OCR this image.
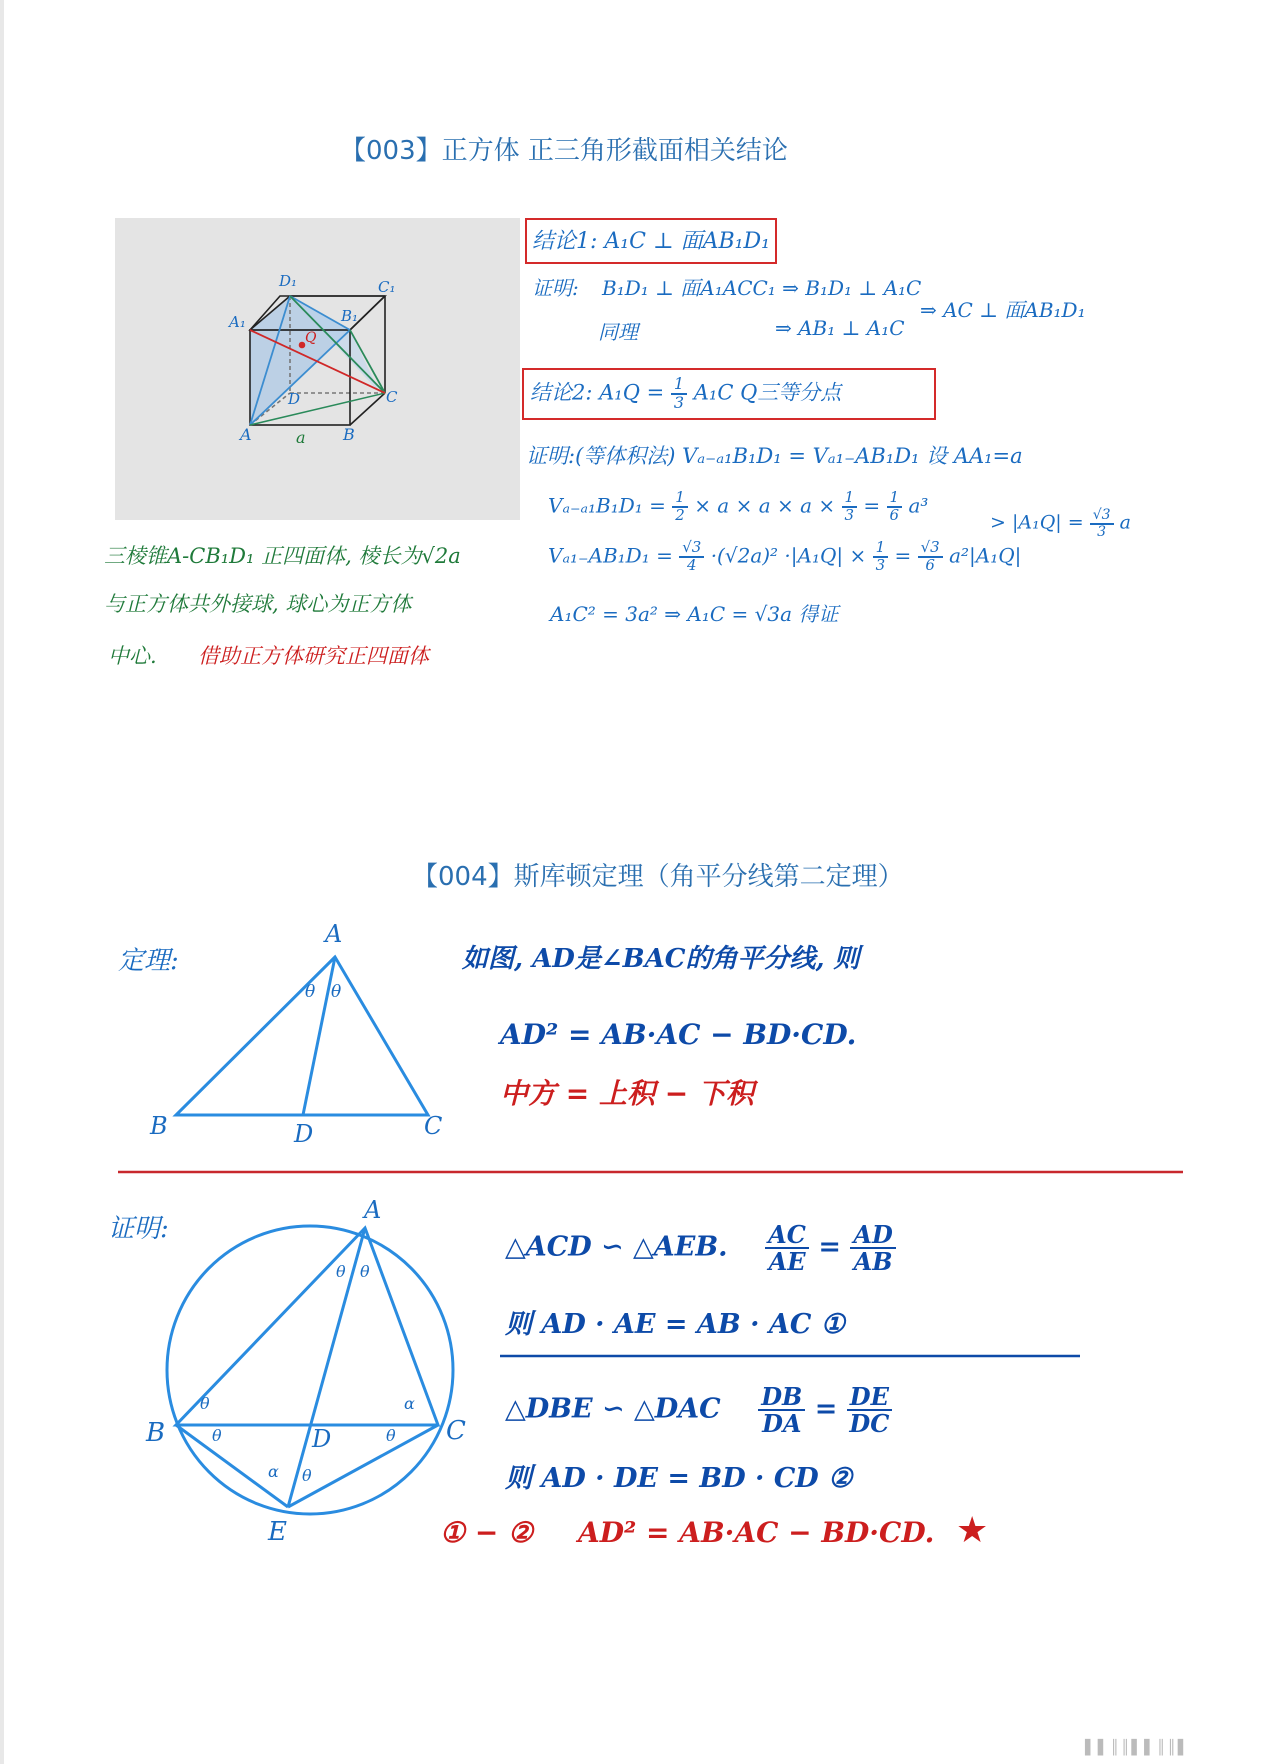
【003】正方体 正三角形截面相关结论
D₁	C₁
A₁	B₁
Q
D	C
A	a B
结论1: A₁C ⊥ 面AB₁D₁
证明: B₁D₁ ⊥ 面A₁ACC₁ ⇒ B₁D₁ ⊥ A₁C
同理	⇒ AB₁ ⊥ A₁C
⇒ AC ⊥ 面AB₁D₁
结论2: $A_1Q = \frac{1}{3} A_1C$ Q三等分点
证明:(等体积法) Vₐ₋ₐ₁B₁D₁ = Vₐ₁₋AB₁D₁ 设 AA₁=a
$V_{a-a1}B_1D_1 = \frac{1}{2} \times a \times a \times a \times \frac{1}{3} = \frac{1}{6} a^3$
> $|A_1Q| = \frac{√3}{3}$ a
$V_{a1-}AB_1D_1 = \frac{√3}{4} \cdot(√2a)^2 \cdot|A_1Q| \times \frac{1}{3} = \frac{√3}{6} a^2|A_1Q|$
A₁C² = 3a² ⇒ A₁C = √3a 得证
三棱锥A-CB₁D₁ 正四面体, 棱长为√2a
与正方体共外接球, 球心为正方体
中心. 借助正方体研究正四面体
【004】斯库顿定理（角平分线第二定理）
定理:
A
B	D	C
θ θ
如图, AD是∠BAC的角平分线, 则
AD² = AB·AC − BD·CD.
中方 = 上积 − 下积
证明:
A
B	C
D
E
θ θ
θ
θ	θ
α
α θ
△ACD ∽ △AEB. $\frac{AC}{AE} = \frac{AD}{AB}$
则 AD · AE = AB · AC ①
△DBE ∽ △DAC $\frac{DB}{DA} = \frac{DE}{DC}$
则 AD · DE = BD · CD ②
① − ② AD² = AB·AC − BD·CD. ★
▌▌║║▌▌║║▌
